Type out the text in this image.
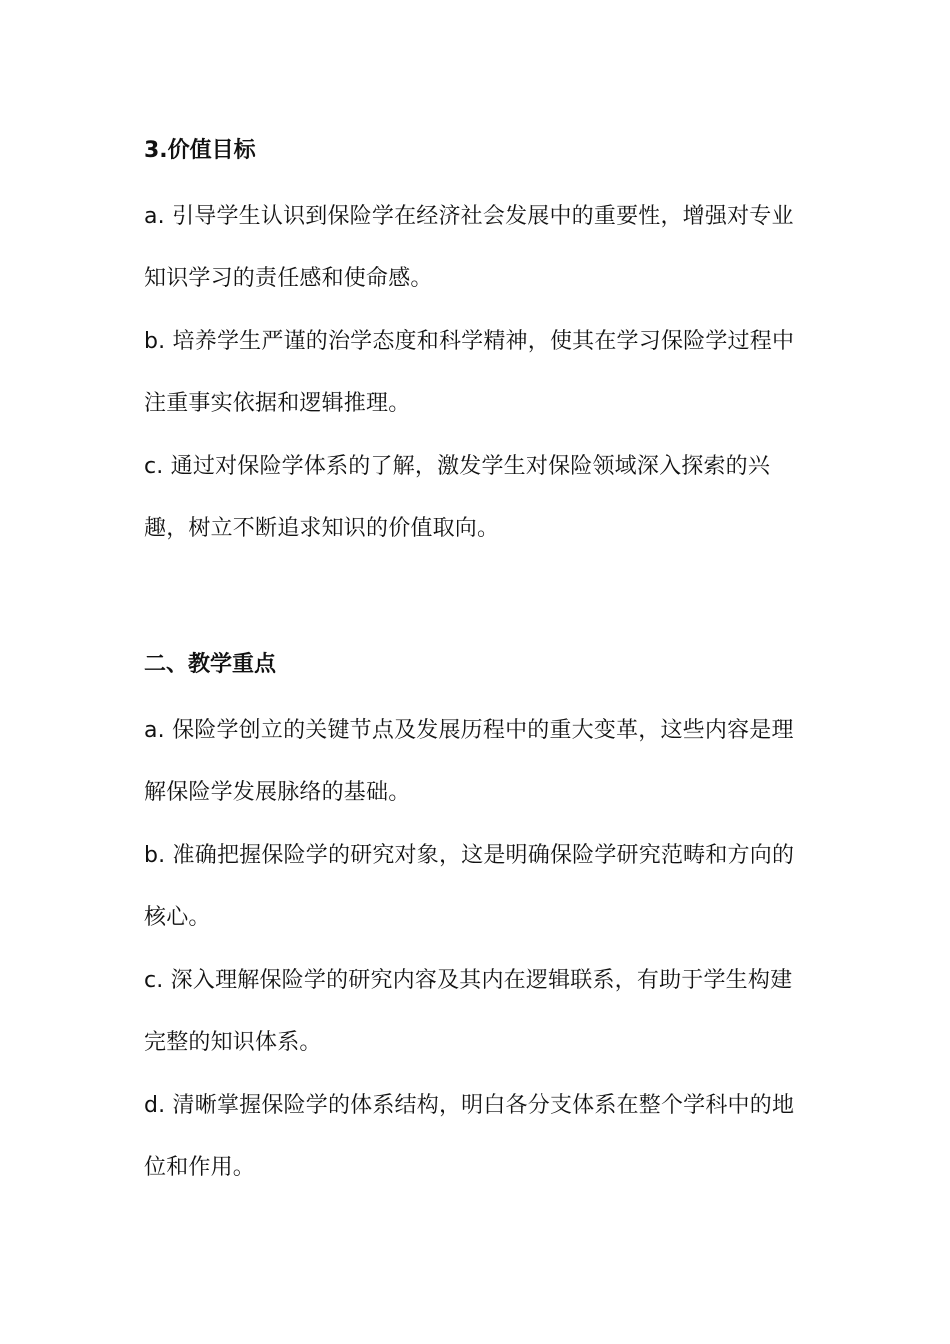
3.价值目标

a. 引导学生认识到保险学在经济社会发展中的重要性，增强对专业知识学习的责任感和使命感。

b. 培养学生严谨的治学态度和科学精神，使其在学习保险学过程中注重事实依据和逻辑推理。

c. 通过对保险学体系的了解，激发学生对保险领域深入探索的兴趣，树立不断追求知识的价值取向。

二、教学重点

a. 保险学创立的关键节点及发展历程中的重大变革，这些内容是理解保险学发展脉络的基础。

b. 准确把握保险学的研究对象，这是明确保险学研究范畴和方向的核心。

c. 深入理解保险学的研究内容及其内在逻辑联系，有助于学生构建完整的知识体系。

d. 清晰掌握保险学的体系结构，明白各分支体系在整个学科中的地位和作用。
